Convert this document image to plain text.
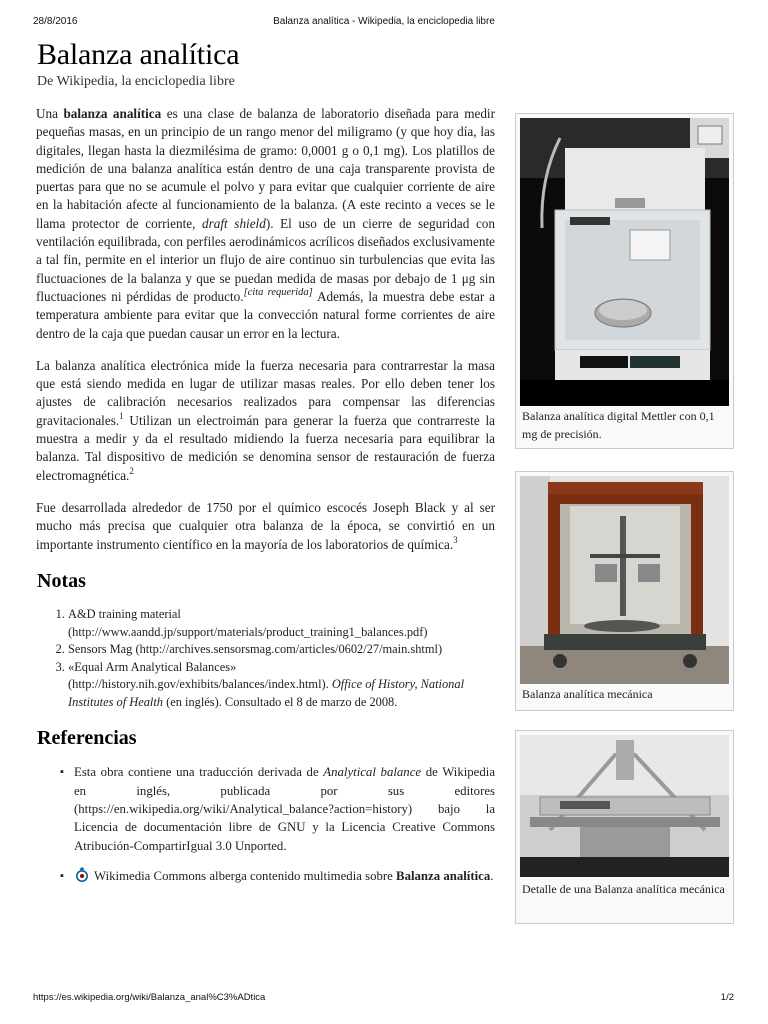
28/8/2016	Balanza analítica - Wikipedia, la enciclopedia libre
Balanza analítica
De Wikipedia, la enciclopedia libre

Una balanza analítica es una clase de balanza de laboratorio diseñada para medir pequeñas masas, en un principio de un rango menor del miligramo (y que hoy día, las digitales, llegan hasta la diezmilésima de gramo: 0,0001 g o 0,1 mg). Los platillos de medición de una balanza analítica están dentro de una caja transparente provista de puertas para que no se acumule el polvo y para evitar que cualquier corriente de aire en la habitación afecte al funcionamiento de la balanza. (A este recinto a veces se le llama protector de corriente, draft shield). El uso de un cierre de seguridad con ventilación equilibrada, con perfiles aerodinámicos acrílicos diseñados exclusivamente a tal fin, permite en el interior un flujo de aire continuo sin turbulencias que evita las fluctuaciones de la balanza y que se puedan medida de masas por debajo de 1 μg sin fluctuaciones ni pérdidas de producto.[cita requerida] Además, la muestra debe estar a temperatura ambiente para evitar que la convección natural forme corrientes de aire dentro de la caja que puedan causar un error en la lectura.

La balanza analítica electrónica mide la fuerza necesaria para contrarrestar la masa que está siendo medida en lugar de utilizar masas reales. Por ello deben tener los ajustes de calibración necesarios realizados para compensar las diferencias gravitacionales.$^1$ Utilizan un electroimán para generar la fuerza que contrarreste la muestra a medir y da el resultado midiendo la fuerza necesaria para equilibrar la balanza. Tal dispositivo de medición se denomina sensor de restauración de fuerza electromagnética.$^2$

Fue desarrollada alrededor de 1750 por el químico escocés Joseph Black y al ser mucho más precisa que cualquier otra balanza de la época, se convirtió en un importante instrumento científico en la mayoría de los laboratorios de química.$^3$

Notas
1. A&D training material (http://www.aandd.jp/support/materials/product_training1_balances.pdf)
2. Sensors Mag (http://archives.sensorsmag.com/articles/0602/27/main.shtml)
3. «Equal Arm Analytical Balances» (http://history.nih.gov/exhibits/balances/index.html). Office of History, National Institutes of Health (en inglés). Consultado el 8 de marzo de 2008.
Referencias
▪ Esta obra contiene una traducción derivada de Analytical balance de Wikipedia en inglés, publicada por sus editores (https://en.wikipedia.org/wiki/Analytical_balance?action=history) bajo la Licencia de documentación libre de GNU y la Licencia Creative Commons Atribución-CompartirIgual 3.0 Unported.
▪ Wikimedia Commons alberga contenido multimedia sobre Balanza analítica.
Balanza analítica digital Mettler con 0,1 mg de precisión.
Balanza analítica mecánica
Detalle de una Balanza analítica mecánica
https://es.wikipedia.org/wiki/Balanza_anal%C3%ADtica	1/2
